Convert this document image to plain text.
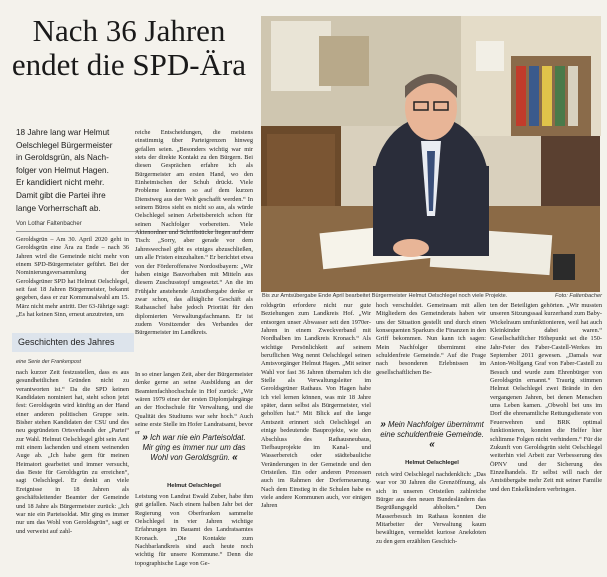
Nach 36 Jahren endet die SPD-Ära

18 Jahre lang war Helmut

Oelschlegel Bürgermeister

in Geroldsgrün, als Nach-

folger von Helmut Hagen.

Er kandidiert nicht mehr.

Damit gibt die Partei ihre

lange Vorherrschaft ab.

Von Lothar Faltenbacher

Geroldsgrün – Am 30. April 2020 geht in Geroldsgrün eine Ära zu Ende – nach 36 Jahren wird die Gemeinde nicht mehr von einem SPD-Bürgermeister geführt. Bei der Nominierungsversammlung der Geroldsgrüner SPD hat Helmut Oelschlegel, seit fast 18 Jahren Bürgermeister, bekannt gegeben, dass er zur Kommunalwahl am 15. März nicht mehr antritt. Der 63-Jährige sagt: „Es hat keinen Sinn, erneut anzutreten, um

Geschichten des Jahres
eine Serie der Frankenpost

nach kurzer Zeit festzustellen, dass es aus gesundheitlichen Gründen nicht zu verantworten ist.“ Da die SPD keinen Kandidaten nominiert hat, steht schon jetzt fest: Geroldsgrün wird künftig an der Hand einer anderen politischen Gruppe sein. Bisher stehen Kandidaten der CSU und des neu gegründeten Ortsverbands der „Partei“ zur Wahl. Helmut Oelschlegel gibt sein Amt mit einem lachenden und einem weinenden Auge ab. „Ich habe gern für meinen Heimatort gearbeitet und immer versucht, das Beste für Geroldsgrün zu erreichen“, sagt Oelschlegel. Er denkt an viele Ereignisse in 18 Jahren als geschäftsleitender Beamter der Gemeinde und 18 Jahre als Bürgermeister zurück: „Ich war nie ein Parteisoldat. Mir ging es immer nur um das Wohl von Geroldsgrün“, sagt er und verweist auf zahl-

reiche Entscheidungen, die meistens einstimmig über Parteigrenzen hinweg gefallen seien. „Besonders wichtig war mir stets der direkte Kontakt zu den Bürgern. Bei diesen Gesprächen erfahre ich als Bürgermeister am ersten Hand, wo den Einheimischen der Schuh drückt. Viele Probleme konnten so auf dem kurzen Dienstweg aus der Welt geschafft werden.“ In seinem Büros sieht es nicht so aus, als würde Oelschlegel seinen Arbeitsbereich schon für seinen Nachfolger vorbereiten. Viele Aktenordner und Schriftstücke liegen auf dem Tisch: „Sorry, aber gerade vor dem Jahreswechsel gibt es einiges abzuschließen, um alle Fristen einzuhalten.“ Er berichtet etwa von der Förderoffensive Nordostbayern: „Wir haben einige Bauvorhaben mit Mitteln aus diesem Zuschusstopf umgesetzt.“ An die im Frühjahr anstehende Amtsübergabe denke er zwar schon, das alltägliche Geschäft als Rathauschef habe jedoch Priorität für den diplomierten Verwaltungsfachmann. Er ist zudem Vorsitzender des Verbandes der Bürgermeister im Landkreis.

In so einer langen Zeit, aber der Bürgermeister denke gerne an seine Ausbildung an der Beamtenfachhochschule in Hof zurück: „Wir wären 1979 einer der ersten Diplomjahrgänge an der Hochschule für Verwaltung, und die Qualität des Studiums war sehr hoch.“ Auch seine erste Stelle im Hofer Landratsamt, bevor er » Ich war nie ein Parteisoldat. Mir ging es immer nur um das Wohl von Geroldsgrün. «
Helmut Oelschlegel

Leistung von Landrat Ewald Zuber, habe ihm gut gefallen. Nach einem halben Jahr bei der Regierung von Oberfranken sammelte Oelschlegel in vier Jahren wichtige Erfahrungen im Bauamt des Landratsamtes Kronach. „Die Kontakte zum Nachbarlandkreis sind auch heute noch wichtig für unsere Kommune.“ Denn die topographische Lage von Ge-

Bis zur Amtsübergabe Ende April bearbeitet Bürgermeister Helmut Oelschlegel noch viele Projekte.	Foto: Faltenbacher

roldsgrün erfordere nicht nur gute Beziehungen zum Landkreis Hof. „Wir entsorgen unser Abwasser seit den 1970er-Jahren in einem Zweckverband mit Nordhalben im Landkreis Kronach.“ Als wichtige Persönlichkeit auf seinem beruflichen Weg nennt Oelschlegel seinen Amtsvorgänger Helmut Hagen. „Mit seiner Wahl vor fast 36 Jahren übernahm ich die Stelle als Verwaltungsleiter im Geroldsgrüner Rathaus. Von Hagen habe ich viel lernen können, was mir 18 Jahre später, dann selbst als Bürgermeister, viel geholfen hat.“ Mit Blick auf die lange Amtszeit erinnert sich Oelschlegel an einige bedeutende Bauprojekte, wie den Abschluss des Rathausneubaus, Tiefbauprojekte im Kanal- und Wasserbereich oder städtebauliche Veränderungen in der Gemeinde und den Ortsteilen. Ein oder anderen Prozessen auch im Rahmen der Dorferneuerung. Nach dem Einstieg in die Schulen habe es viele andere Kommunen auch, vor einigen Jahren

hoch verschuldet. Gemeinsam mit allen Mitgliedern des Gemeinderats haben wir uns der Situation gestellt und durch einen konsequenten Sparkurs die Finanzen in den Griff bekommen. Nun kann ich sagen: Mein Nachfolger übernimmt eine schuldenfreie Gemeinde.“ Auf die Frage nach besonderen Erlebnissen im gesellschaftlichen Be-

» Mein Nachfolger übernimmt eine schuldenfreie Gemeinde. «
Helmut Oelschlegel

reich wird Oelschlegel nachdenklich: „Das war vor 30 Jahren die Grenzöffnung, als sich in unseren Ortsteilen zahlreiche Bürger aus den neuen Bundesländern das Begrüßungsgeld abholten.“ Den Masserbesuch im Rathaus konnten die Mitarbeiter der Verwaltung kaum bewältigen, vermeldet kuriose Anekdoten zu den gern erzählten Geschich-

ten der Beteiligten gehörten. „Wir mussten unseren Sitzungssaal kurzerhand zum Baby-Wickelraum umfunktionieren, weil hat auch Kleinkinder dabei waren.“ Gesellschaftlicher Höhepunkt sei die 150-Jahr-Feier des Faber-Castell-Werkes im September 2011 gewesen. „Damals war Anton-Wolfgang Graf von Faber-Castell zu Besuch und wurde zum Ehrenbürger von Geroldsgrün ernannt.“ Traurig stimmen Helmut Oelschlegel zwei Brände in den vergangenen Jahren, bei denen Menschen ums Leben kamen. „Obwohl bei uns im Dorf die ehrenamtliche Rettungsdienste von Feuerwehren und BRK optimal funktionieren, konnten die Helfer hier schlimme Folgen nicht verhindern.“ Für die Zukunft von Geroldsgrün sieht Oelschlegel weiterhin viel Arbeit zur Verbesserung des ÖPNV und der Sicherung des Einzelhandels. Er selbst will nach der Amtsübergabe mehr Zeit mit seiner Familie und den Enkelkindern verbringen.
